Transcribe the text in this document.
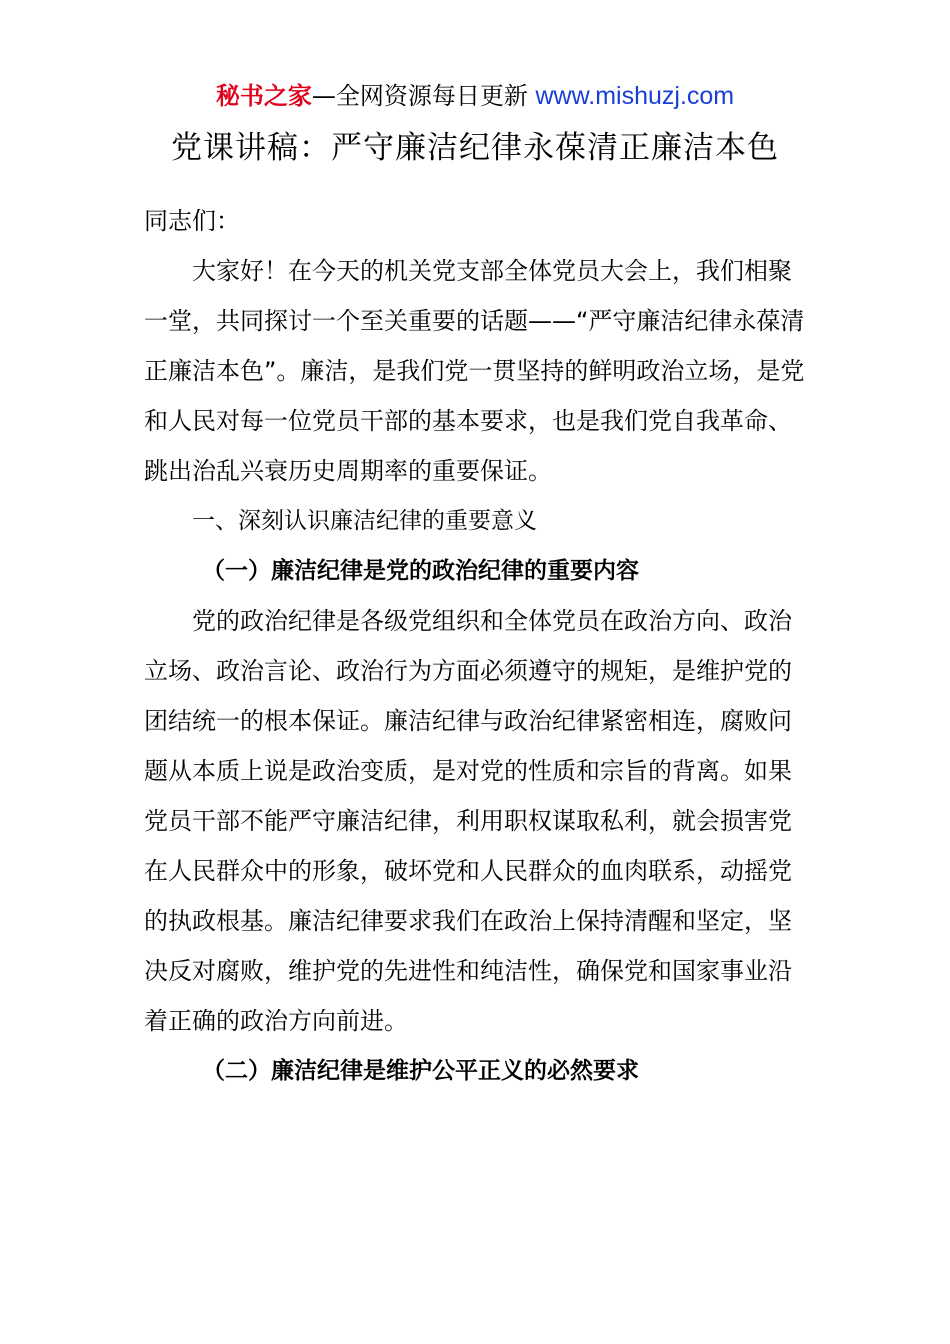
秘书之家—全网资源每日更新 www.mishuzj.com
党课讲稿：严守廉洁纪律永葆清正廉洁本色

同志们：

大家好！在今天的机关党支部全体党员大会上，我们相聚一堂，共同探讨一个至关重要的话题——“严守廉洁纪律永葆清正廉洁本色”。廉洁，是我们党一贯坚持的鲜明政治立场，是党和人民对每一位党员干部的基本要求，也是我们党自我革命、跳出治乱兴衰历史周期率的重要保证。

一、深刻认识廉洁纪律的重要意义

（一）廉洁纪律是党的政治纪律的重要内容

党的政治纪律是各级党组织和全体党员在政治方向、政治立场、政治言论、政治行为方面必须遵守的规矩，是维护党的团结统一的根本保证。廉洁纪律与政治纪律紧密相连，腐败问题从本质上说是政治变质，是对党的性质和宗旨的背离。如果党员干部不能严守廉洁纪律，利用职权谋取私利，就会损害党在人民群众中的形象，破坏党和人民群众的血肉联系，动摇党的执政根基。廉洁纪律要求我们在政治上保持清醒和坚定，坚决反对腐败，维护党的先进性和纯洁性，确保党和国家事业沿着正确的政治方向前进。

（二）廉洁纪律是维护公平正义的必然要求
